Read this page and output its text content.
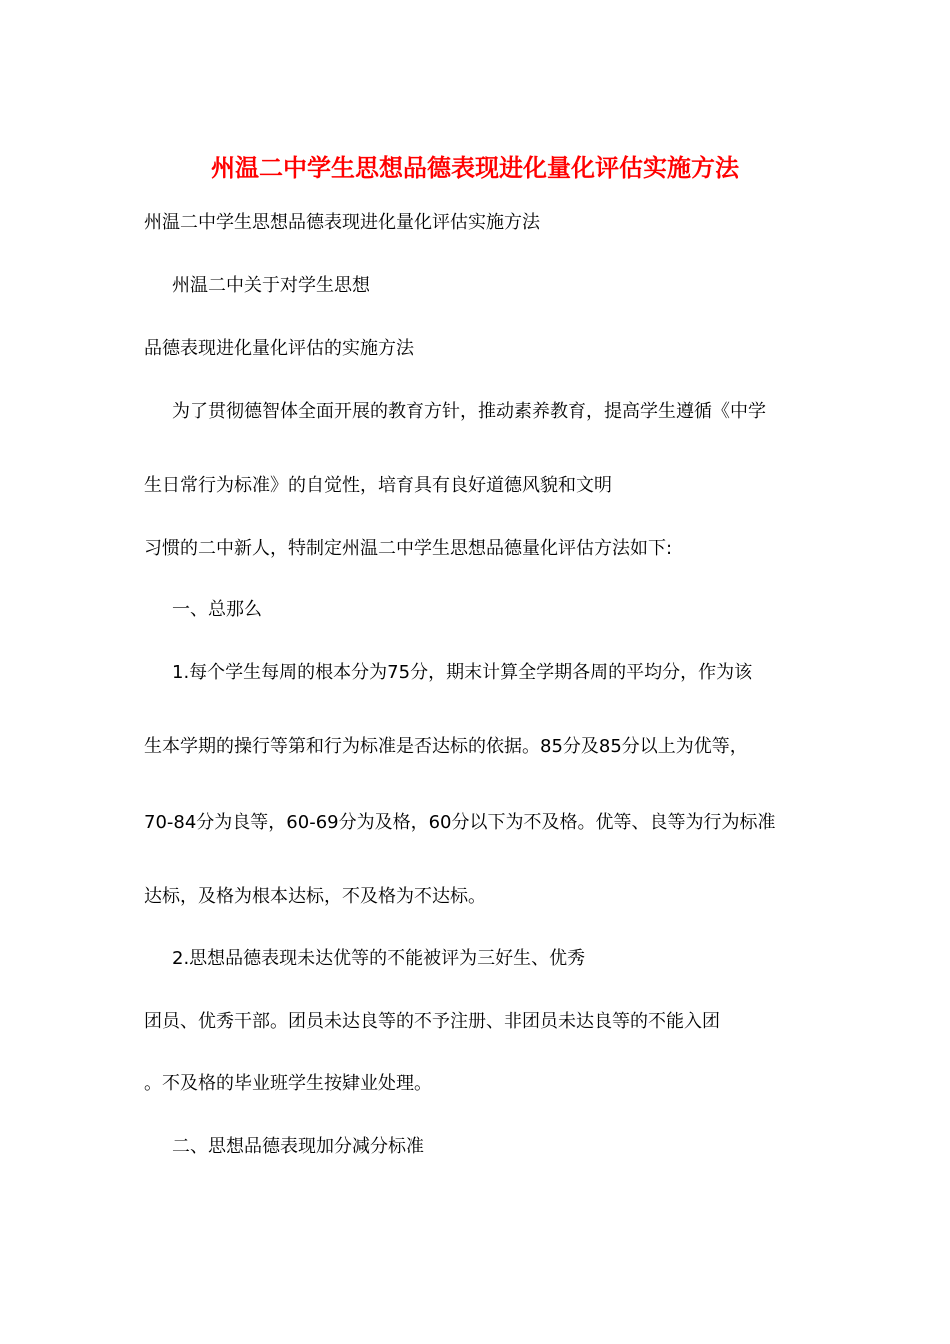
州温二中学生思想品德表现进化量化评估实施方法

州温二中学生思想品德表现进化量化评估实施方法

州温二中关于对学生思想

品德表现进化量化评估的实施方法

为了贯彻德智体全面开展的教育方针，推动素养教育，提高学生遵循《中学

生日常行为标准》的自觉性，培育具有良好道德风貌和文明

习惯的二中新人，特制定州温二中学生思想品德量化评估方法如下:

一、总那么

1.每个学生每周的根本分为75分，期末计算全学期各周的平均分，作为该

生本学期的操行等第和行为标准是否达标的依据。85分及85分以上为优等，

70-84分为良等，60-69分为及格，60分以下为不及格。优等、良等为行为标准

达标，及格为根本达标，不及格为不达标。

2.思想品德表现未达优等的不能被评为三好生、优秀

团员、优秀干部。团员未达良等的不予注册、非团员未达良等的不能入团

。不及格的毕业班学生按肄业处理。

二、思想品德表现加分减分标准
